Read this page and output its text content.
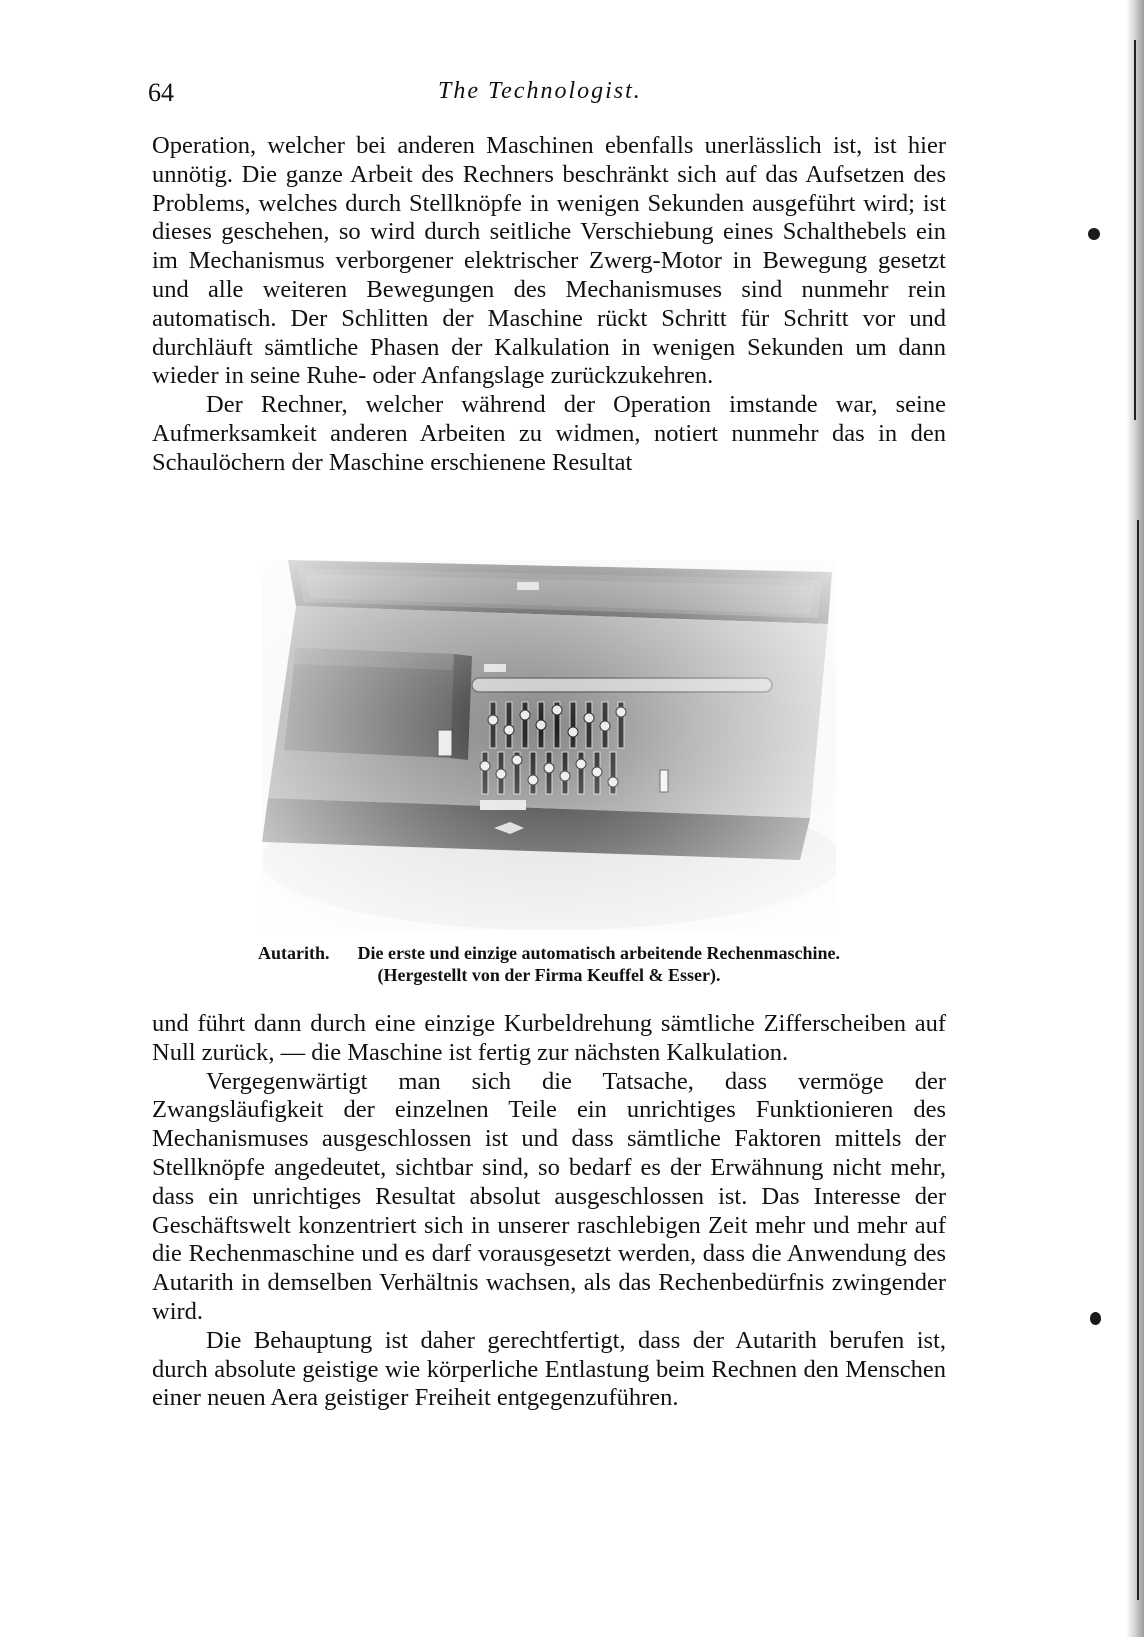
64	The Technologist.

Operation, welcher bei anderen Maschinen ebenfalls unerlässlich ist, ist hier unnötig. Die ganze Arbeit des Rechners beschränkt sich auf das Aufsetzen des Problems, welches durch Stellknöpfe in wenigen Sekunden ausgeführt wird; ist dieses geschehen, so wird durch seitliche Verschiebung eines Schalthebels ein im Mechanismus verborgener elektrischer Zwerg-Motor in Bewegung gesetzt und alle weiteren Bewegungen des Mechanismuses sind nunmehr rein automatisch. Der Schlitten der Maschine rückt Schritt für Schritt vor und durchläuft sämtliche Phasen der Kalkulation in wenigen Sekunden um dann wieder in seine Ruhe- oder Anfangslage zurückzukehren.

Der Rechner, welcher während der Operation imstande war, seine Aufmerksamkeit anderen Arbeiten zu widmen, notiert nunmehr das in den Schaulöchern der Maschine erschienene Resultat

Autarith. Die erste und einzige automatisch arbeitende Rechenmaschine.
(Hergestellt von der Firma Keuffel & Esser).

und führt dann durch eine einzige Kurbeldrehung sämtliche Zifferscheiben auf Null zurück, — die Maschine ist fertig zur nächsten Kalkulation.

Vergegenwärtigt man sich die Tatsache, dass vermöge der Zwangsläufigkeit der einzelnen Teile ein unrichtiges Funktionieren des Mechanismuses ausgeschlossen ist und dass sämtliche Faktoren mittels der Stellknöpfe angedeutet, sichtbar sind, so bedarf es der Erwähnung nicht mehr, dass ein unrichtiges Resultat absolut ausgeschlossen ist. Das Interesse der Geschäftswelt konzentriert sich in unserer raschlebigen Zeit mehr und mehr auf die Rechenmaschine und es darf vorausgesetzt werden, dass die Anwendung des Autarith in demselben Verhältnis wachsen, als das Rechenbedürfnis zwingender wird.

Die Behauptung ist daher gerechtfertigt, dass der Autarith berufen ist, durch absolute geistige wie körperliche Entlastung beim Rechnen den Menschen einer neuen Aera geistiger Freiheit entgegenzuführen.
